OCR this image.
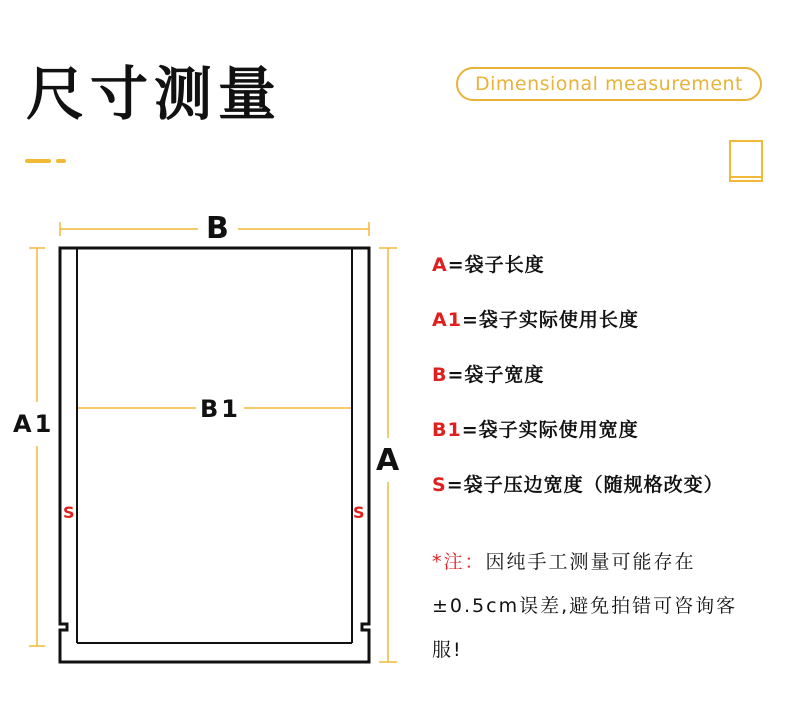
尺寸测量	Dimensional measurement
B
B1
A1
A
S	S
A=袋子长度
A1=袋子实际使用长度
B=袋子宽度
B1=袋子实际使用宽度
S=袋子压边宽度（随规格改变）
*注：因纯手工测量可能存在±0.5cm误差,避免拍错可咨询客服!
